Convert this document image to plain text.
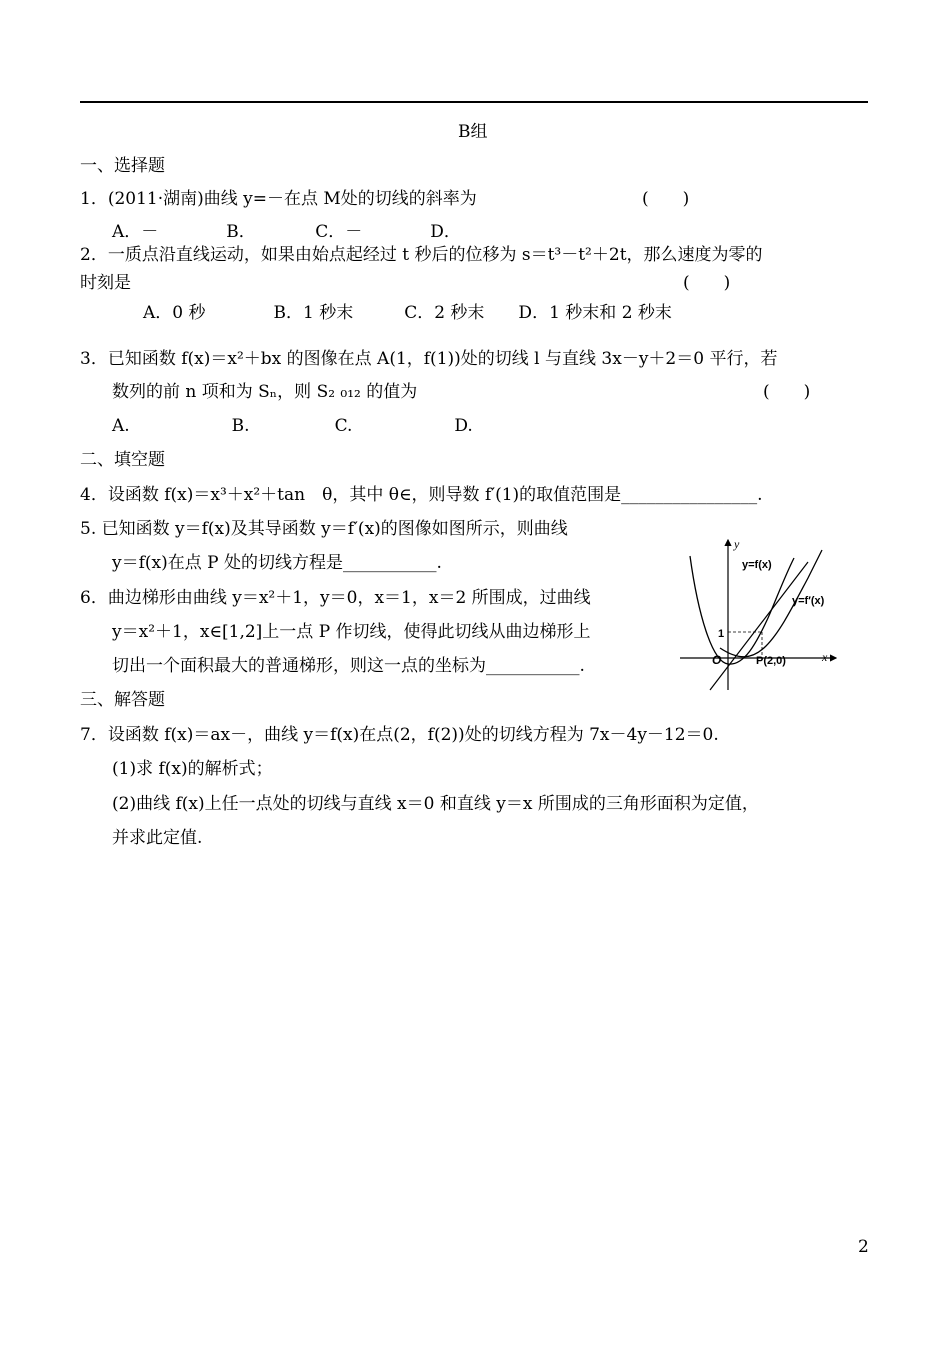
B组
一、选择题
1．(2011·湖南)曲线 y=－在点 M处的切线的斜率为	(　　)
A．－　　　　B．　　　　C．－　　　　D．
2．一质点沿直线运动，如果由始点起经过 t 秒后的位移为 s＝t³－t²＋2t，那么速度为零的
时刻是	(　　)
A．0 秒　　　　B．1 秒末　　　C．2 秒末　　D．1 秒末和 2 秒末
3．已知函数 f(x)＝x²＋bx 的图像在点 A(1，f(1))处的切线 l 与直线 3x－y＋2＝0 平行，若
数列的前 n 项和为 Sₙ，则 S₂ ₀₁₂ 的值为	(　　)
A.　　　　　　B.　　　　　C.　　　　　　D.
二、填空题
4．设函数 f(x)＝x³＋x²＋tan　θ，其中 θ∈，则导数 f′(1)的取值范围是________________.
5. 已知函数 y＝f(x)及其导函数 y＝f′(x)的图像如图所示，则曲线
y＝f(x)在点 P 处的切线方程是___________.
6．曲边梯形由曲线 y＝x²＋1，y＝0，x＝1，x＝2 所围成，过曲线
y＝x²＋1，x∈[1,2]上一点 P 作切线，使得此切线从曲边梯形上
切出一个面积最大的普通梯形，则这一点的坐标为___________.
三、解答题
7．设函数 f(x)＝ax－，曲线 y＝f(x)在点(2，f(2))处的切线方程为 7x－4y－12＝0.
(1)求 f(x)的解析式；
(2)曲线 f(x)上任一点处的切线与直线 x＝0 和直线 y＝x 所围成的三角形面积为定值，
并求此定值.
y
x
O
1
y=f(x)
y=f′(x)
P(2,0)
2
